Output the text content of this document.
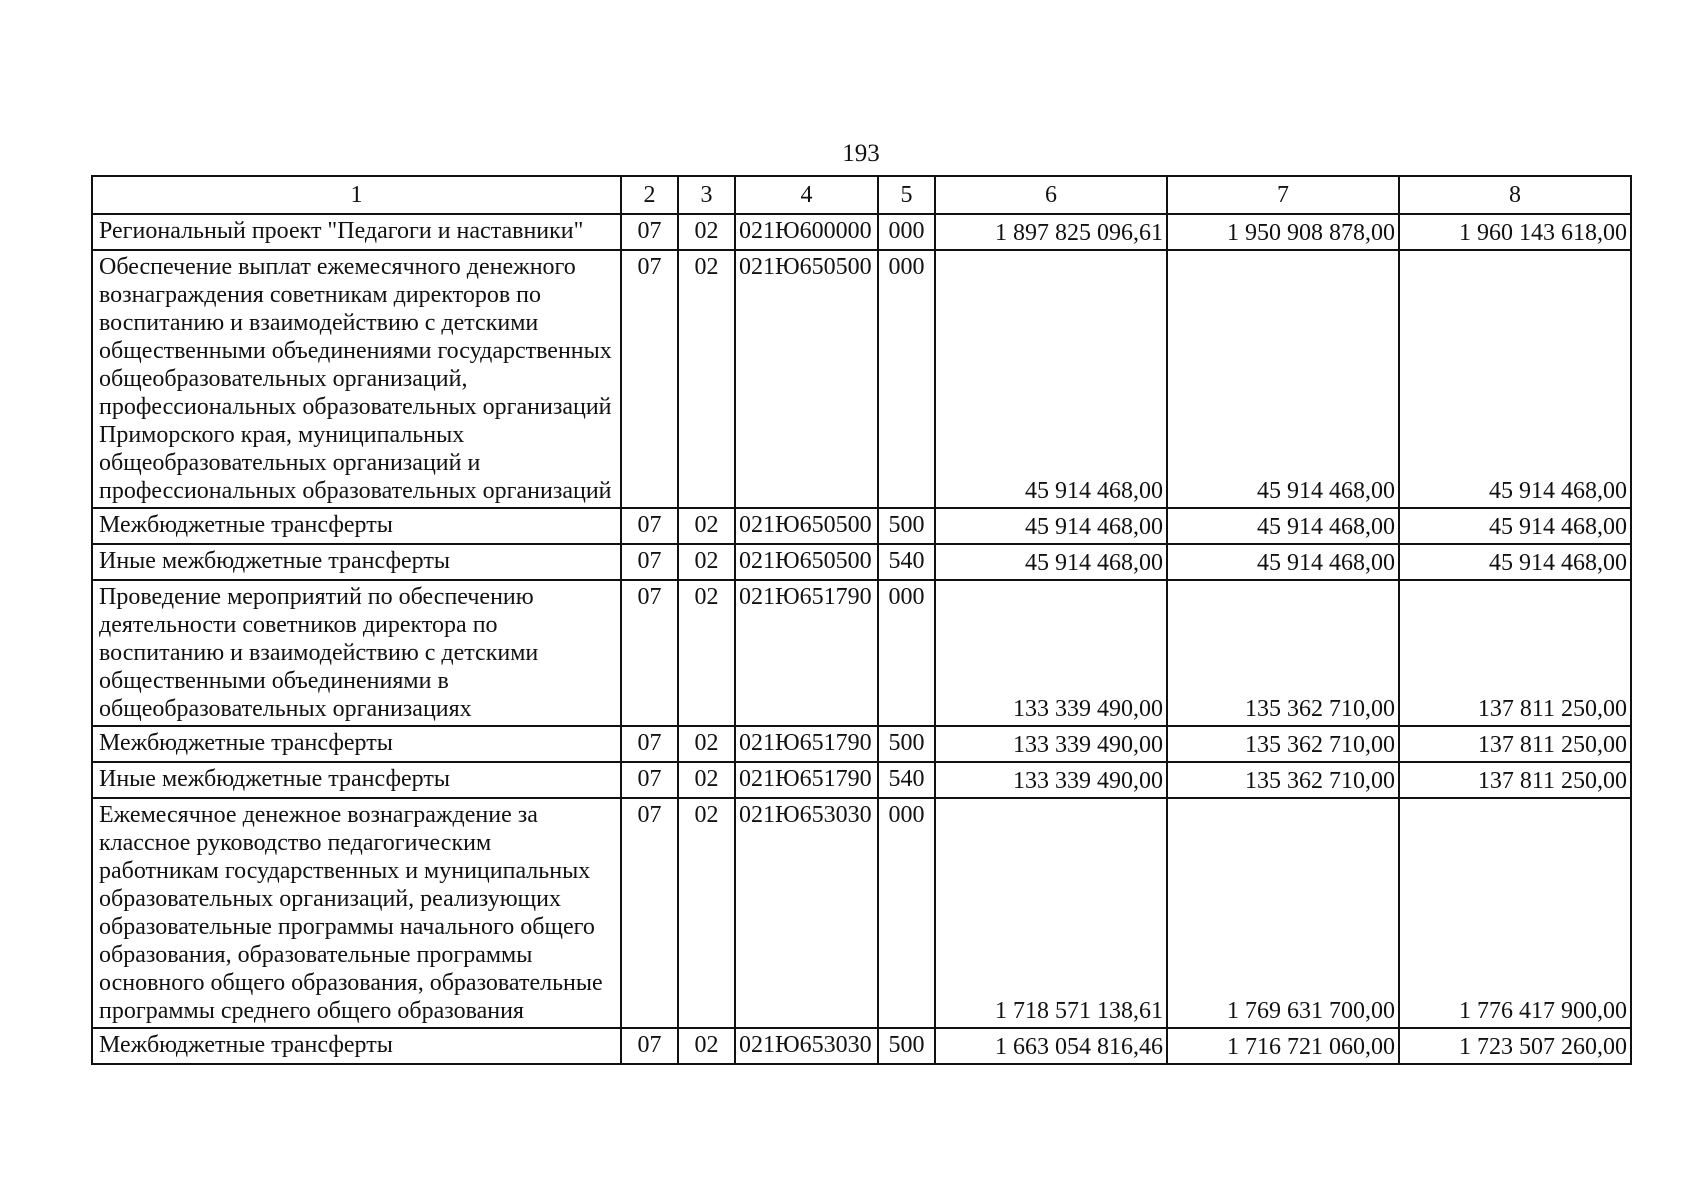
193
1	2	3	4	5	6	7	8
Региональный проект "Педагоги и наставники"	07	02	021Ю600000	000	1 897 825 096,61	1 950 908 878,00	1 960 143 618,00
Обеспечение выплат ежемесячного денежного вознаграждения советникам директоров по воспитанию и взаимодействию с детскими общественными объединениями государственных общеобразовательных организаций, профессиональных образовательных организаций Приморского края, муниципальных общеобразовательных организаций и профессиональных образовательных организаций	07	02	021Ю650500	000	45 914 468,00	45 914 468,00	45 914 468,00
Межбюджетные трансферты	07	02	021Ю650500	500	45 914 468,00	45 914 468,00	45 914 468,00
Иные межбюджетные трансферты	07	02	021Ю650500	540	45 914 468,00	45 914 468,00	45 914 468,00
Проведение мероприятий по обеспечению деятельности советников директора по воспитанию и взаимодействию с детскими общественными объединениями в общеобразовательных организациях	07	02	021Ю651790	000	133 339 490,00	135 362 710,00	137 811 250,00
Межбюджетные трансферты	07	02	021Ю651790	500	133 339 490,00	135 362 710,00	137 811 250,00
Иные межбюджетные трансферты	07	02	021Ю651790	540	133 339 490,00	135 362 710,00	137 811 250,00
Ежемесячное денежное вознаграждение за классное руководство педагогическим работникам государственных и муниципальных образовательных организаций, реализующих образовательные программы начального общего образования, образовательные программы основного общего образования, образовательные программы среднего общего образования	07	02	021Ю653030	000	1 718 571 138,61	1 769 631 700,00	1 776 417 900,00
Межбюджетные трансферты	07	02	021Ю653030	500	1 663 054 816,46	1 716 721 060,00	1 723 507 260,00
